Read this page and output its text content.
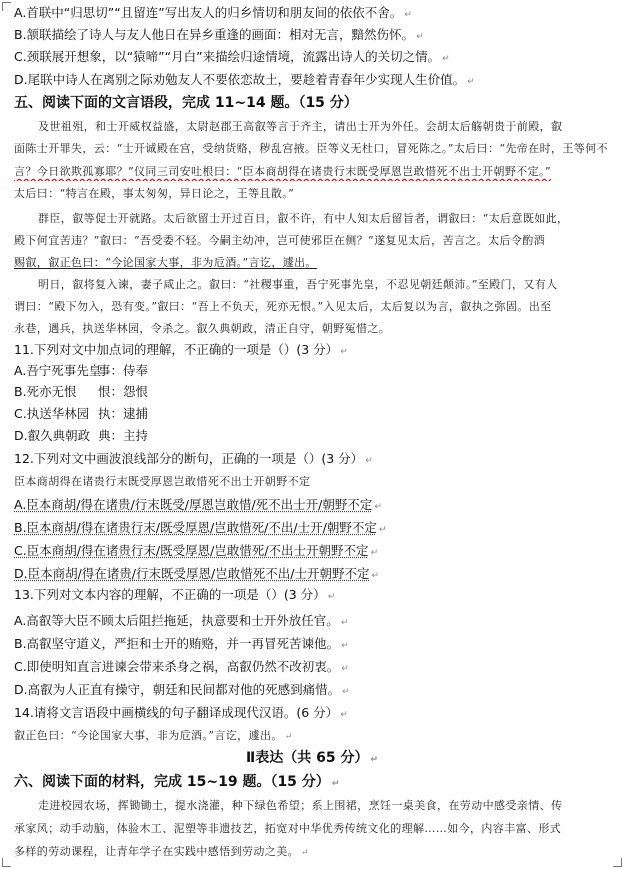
A.首联中“归思切”“且留连”写出友人的归乡情切和朋友间的依依不舍。 ↵
B.颔联描绘了诗人与友人他日在异乡重逢的画面：相对无言，黯然伤怀。 ↵
C.颈联展开想象，以“猿啼”“月白”来描绘归途情境，流露出诗人的关切之情。 ↵
D.尾联中诗人在离别之际劝勉友人不要依恋故土，要趁着青春年少实现人生价值。 ↵
五、阅读下面的文言语段，完成 11~14 题。（15 分）
及世祖殂，和士开威权益盛，太尉赵郡王高叡等言于齐主，请出士开为外任。会胡太后觞朝贵于前殿，叡
面陈士开罪失，云：“士开诚殿在宫，受纳货赂，秽乱宫掖。臣等义无杜口，冒死陈之。”太后曰：“先帝在时，王等何不
言？今日欲欺孤寡耶？”仪同三司安吐根曰：“臣本商胡得在诸贵行末既受厚恩岂敢惜死不出士开朝野不定。”
太后曰：“特言在殿，事太匆匆，异日论之，王等且散。”
群臣，叡等促士开就路。太后欲留士开过百日，叡不许，有中人知太后留旨者，谓叡曰：“太后意既如此，
殿下何宜苦违？”叡曰：“吾受委不轻。今嗣主幼冲，岂可使邪臣在侧？”遂复见太后，苦言之。太后令酌酒
赐叡，叡正色曰：“今论国家大事，非为卮酒。”言讫，遽出。
明日，叡将复入谏，妻子咸止之。叡曰：“社稷事重，吾宁死事先皇，不忍见朝廷颠沛。”至殿门，又有人
谓曰：“殿下勿入，恐有变。”叡曰：“吾上不负天，死亦无恨。”入见太后，太后复以为言，叡执之弥固。出至
永巷，遇兵，执送华林园，令杀之。叡久典朝政，清正自守，朝野冤惜之。
11.下列对文中加点词的理解，不正确的一项是（）(3 分） ↵
A.吾宁死事先皇事：侍奉
B.死亦无恨 恨：怨恨
C.执送华林园 执：逮捕
D.叡久典朝政 典：主持
12.下列对文中画波浪线部分的断句，正确的一项是（）(3 分） ↵
臣本商胡得在诸贵行末既受厚恩岂敢惜死不出士开朝野不定
A.臣本商胡/得在诸贵/行末既受/厚恩岂敢惜/死不出士开/朝野不定 ↵
B.臣本商胡/得在诸贵行末/既受厚恩/岂敢惜死/不出/士开/朝野不定 ↵
C.臣本商胡/得在诸贵行末/既受厚恩/岂敢惜死/不出士开朝野不定 ↵
D.臣本商胡/得在诸贵/行末既受厚恩/岂敢惜死不出/士开朝野不定 ↵
13.下列对文本内容的理解，不正确的一项是（）(3 分） ↵
A.高叡等大臣不顾太后阻拦拖延，执意要和士开外放任官。 ↵
B.高叡坚守道义，严拒和士开的贿赂，并一再冒死苦谏他。 ↵
C.即使明知直言进谏会带来杀身之祸，高叡仍然不改初衷。 ↵
D.高叡为人正直有操守，朝廷和民间都对他的死感到痛惜。 ↵
14.请将文言语段中画横线的句子翻译成现代汉语。(6 分） ↵
叡正色曰：“今论国家大事，非为卮酒。”言讫，遽出。 ↵
Ⅱ表达（共 65 分） ↵
六、阅读下面的材料，完成 15~19 题。（15 分） ↵
走进校园农场，挥锄锄土，提水浇灌，种下绿色希望；系上围裙，烹饪一桌美食，在劳动中感受亲情、传
承家风；动手动脑，体验木工、泥塑等非遗技艺，拓宽对中华优秀传统文化的理解……如今，内容丰富、形式
多样的劳动课程，让青年学子在实践中感悟到劳动之美。 ↵
